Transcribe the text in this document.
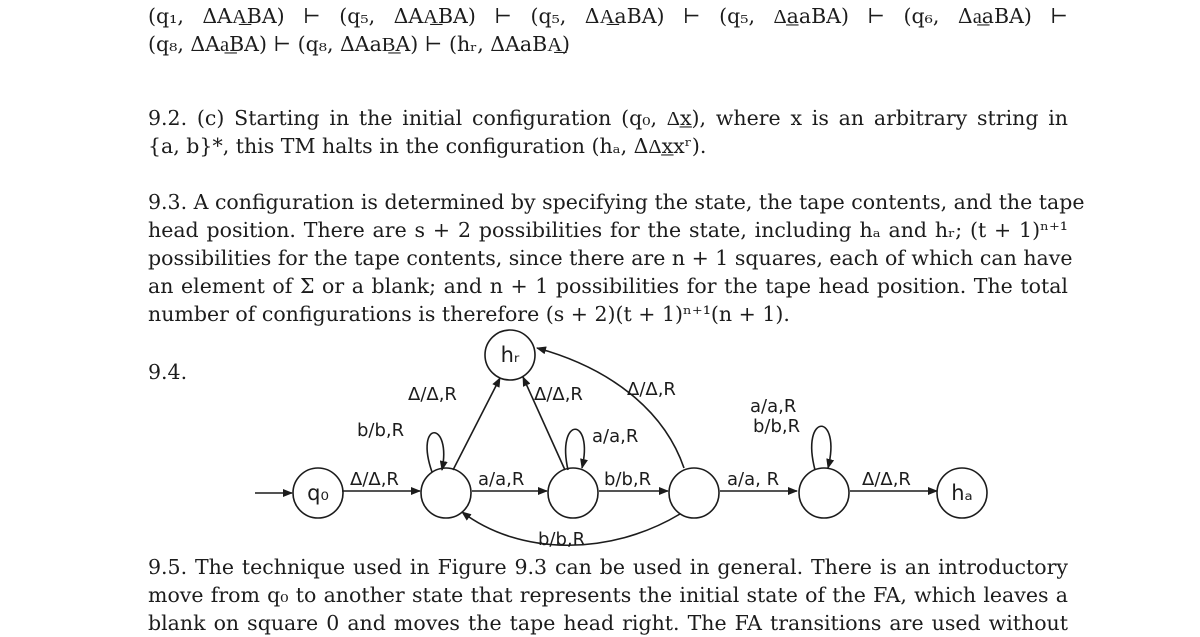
(q₁, ΔAA͟BA) ⊢ (q₅, ΔAA͟BA) ⊢ (q₅, ΔA͟aBA) ⊢ (q₅, Δ͟aaBA) ⊢ (q₆, Δa͟aBA) ⊢

(q₈, ΔAa͟BA) ⊢ (q₈, ΔAaB͟A) ⊢ (hᵣ, ΔAaBA͟)

9.2. (c) Starting in the initial configuration (q₀, Δ͟x), where x is an arbitrary string in

{a, b}*, this TM halts in the configuration (hₐ, ΔΔ͟xxʳ).

9.3. A configuration is determined by specifying the state, the tape contents, and the tape

head position. There are s + 2 possibilities for the state, including hₐ and hᵣ; (t + 1)ⁿ⁺¹

possibilities for the tape contents, since there are n + 1 squares, each of which can have

an element of Σ or a blank; and n + 1 possibilities for the tape head position. The total

number of configurations is therefore (s + 2)(t + 1)ⁿ⁺¹(n + 1).

9.4.
q₀
hᵣ
hₐ
Δ/Δ,R
b/b,R
Δ/Δ,R
a/a,R
Δ/Δ,R
a/a,R
b/b,R
Δ/Δ,R
b/b,R
a/a, R
a/a,R
b/b,R
Δ/Δ,R

9.5. The technique used in Figure 9.3 can be used in general. There is an introductory

move from q₀ to another state that represents the initial state of the FA, which leaves a

blank on square 0 and moves the tape head right. The FA transitions are used without
